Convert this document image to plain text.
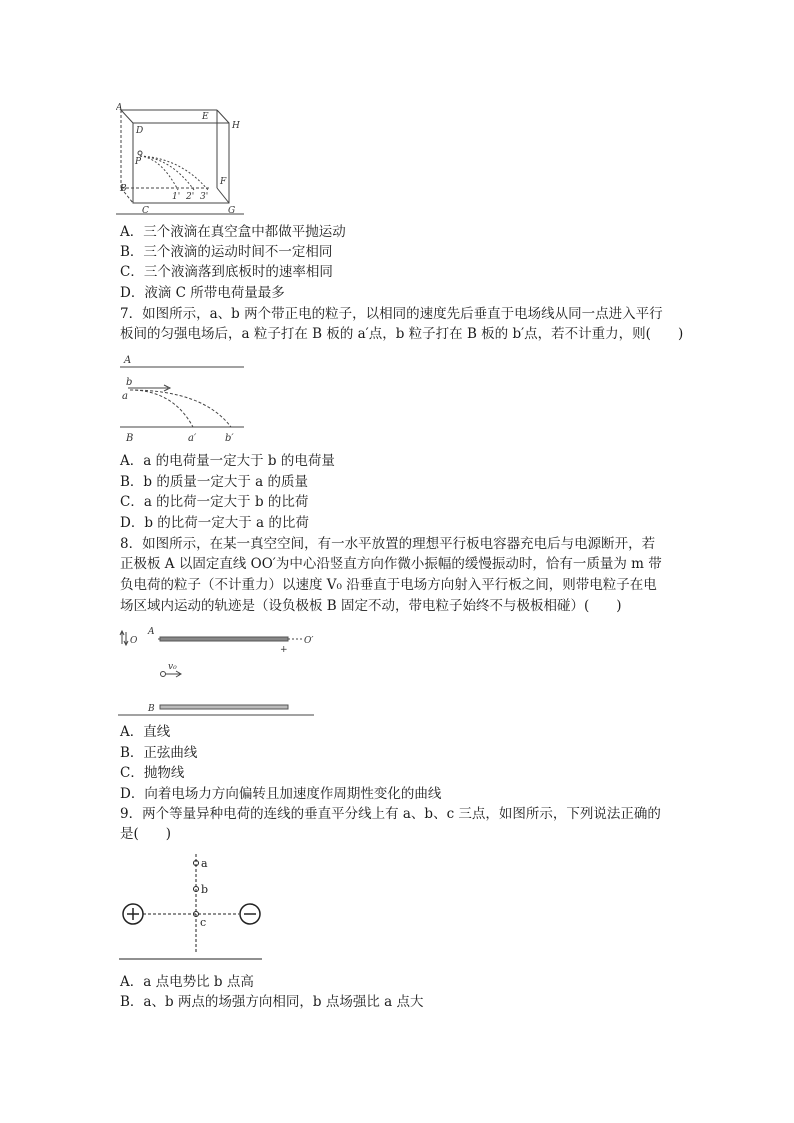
A
D
E
H
P
B
F
C	G
1' 2' 3'
A．三个液滴在真空盒中都做平抛运动
B．三个液滴的运动时间不一定相同
C．三个液滴落到底板时的速率相同
D．液滴 C 所带电荷量最多
7．如图所示，a、b 两个带正电的粒子，以相同的速度先后垂直于电场线从同一点进入平行
板间的匀强电场后，a 粒子打在 B 板的 a′点，b 粒子打在 B 板的 b′点，若不计重力，则(　　)
A
b
a
B	a′	b′
A．a 的电荷量一定大于 b 的电荷量
B．b 的质量一定大于 a 的质量
C．a 的比荷一定大于 b 的比荷
D．b 的比荷一定大于 a 的比荷
8．如图所示，在某一真空空间，有一水平放置的理想平行板电容器充电后与电源断开，若
正极板 A 以固定直线 OO′为中心沿竖直方向作微小振幅的缓慢振动时，恰有一质量为 m 带
负电荷的粒子（不计重力）以速度 V₀ 沿垂直于电场方向射入平行板之间，则带电粒子在电
场区域内运动的轨迹是（设负极板 B 固定不动，带电粒子始终不与极板相碰）(　　)
O
A
O′
+
v₀
B
A．直线
B．正弦曲线
C．抛物线
D．向着电场力方向偏转且加速度作周期性变化的曲线
9．两个等量异种电荷的连线的垂直平分线上有 a、b、c 三点，如图所示，下列说法正确的
是(　　)
a
b
c
A．a 点电势比 b 点高
B．a、b 两点的场强方向相同，b 点场强比 a 点大
